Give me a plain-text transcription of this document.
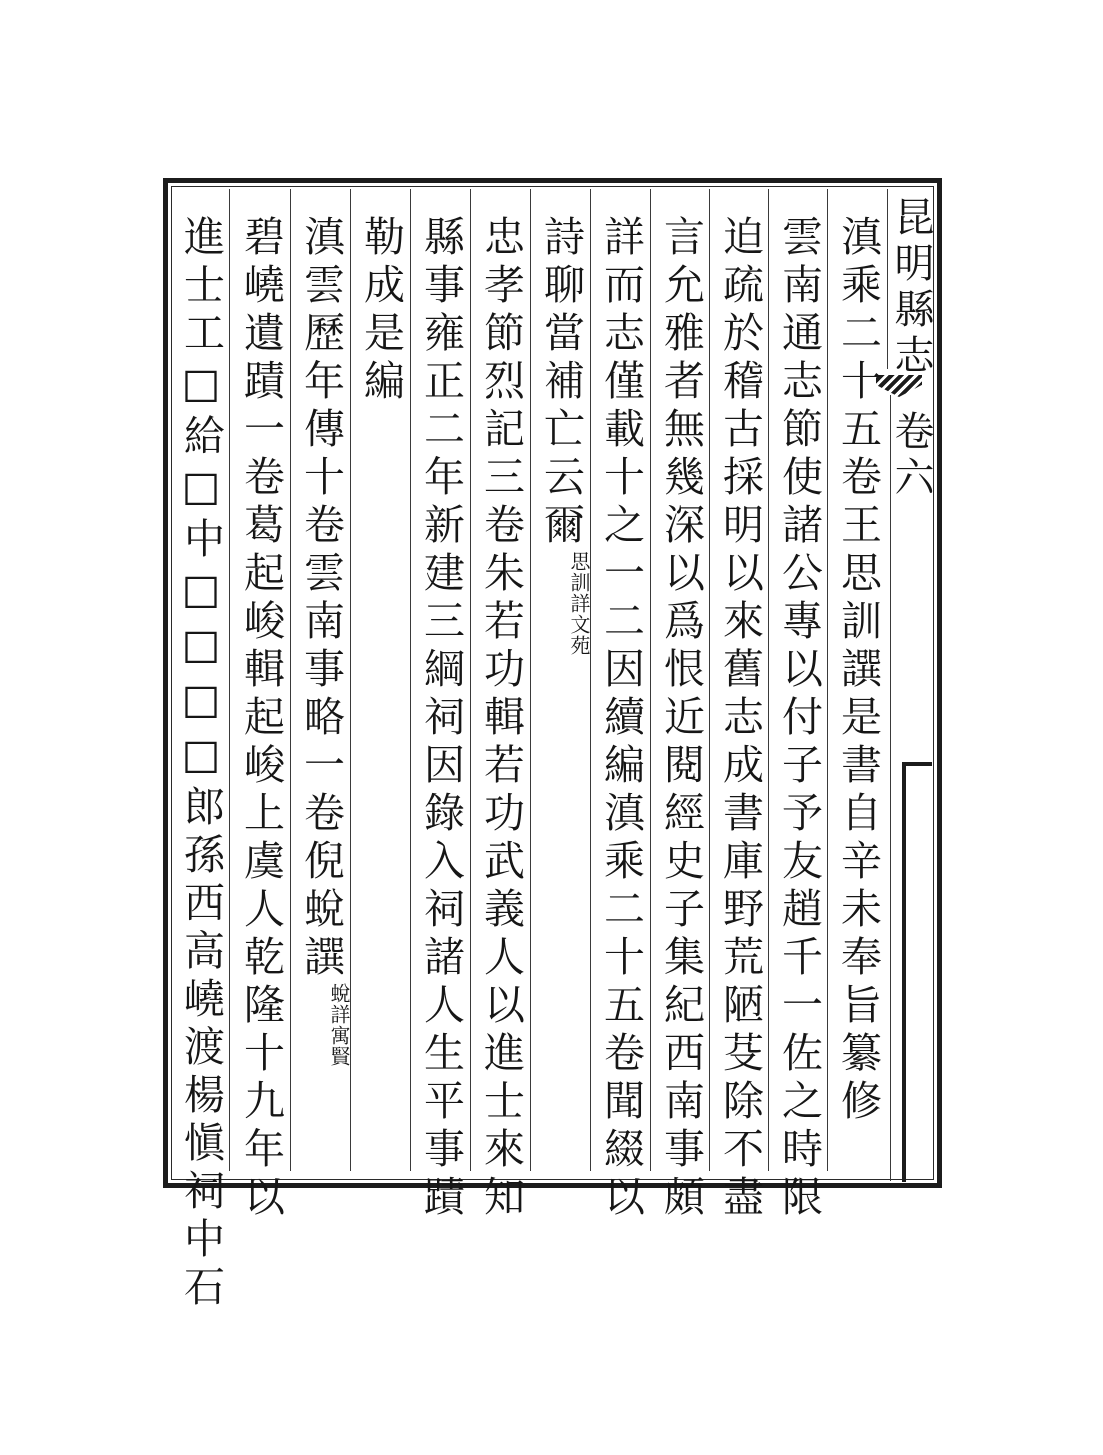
昆明縣志
卷六
滇乘二十五卷王思訓譔是書自辛未奉旨纂修
雲南通志節使諸公專以付子予友趙千一佐之時限
迫疏於稽古採明以來舊志成書庫野荒陋芟除不盡
言允雅者無幾深以爲恨近閱經史子集紀西南事頗
詳而志僅載十之一二因續編滇乘二十五卷聞綴以
詩聊當補亡云爾思訓詳文苑
忠孝節烈記三卷朱若功輯若功武義人以進士來知
縣事雍正二年新建三綱祠因錄入祠諸人生平事蹟
勒成是編
滇雲歷年傳十卷雲南事略一卷倪蛻譔蛻詳寓賢
碧嶢遺蹟一卷葛起峻輯起峻上虞人乾隆十九年以
進士工□給□中□□□□郎孫西高嶢渡楊愼祠中石
